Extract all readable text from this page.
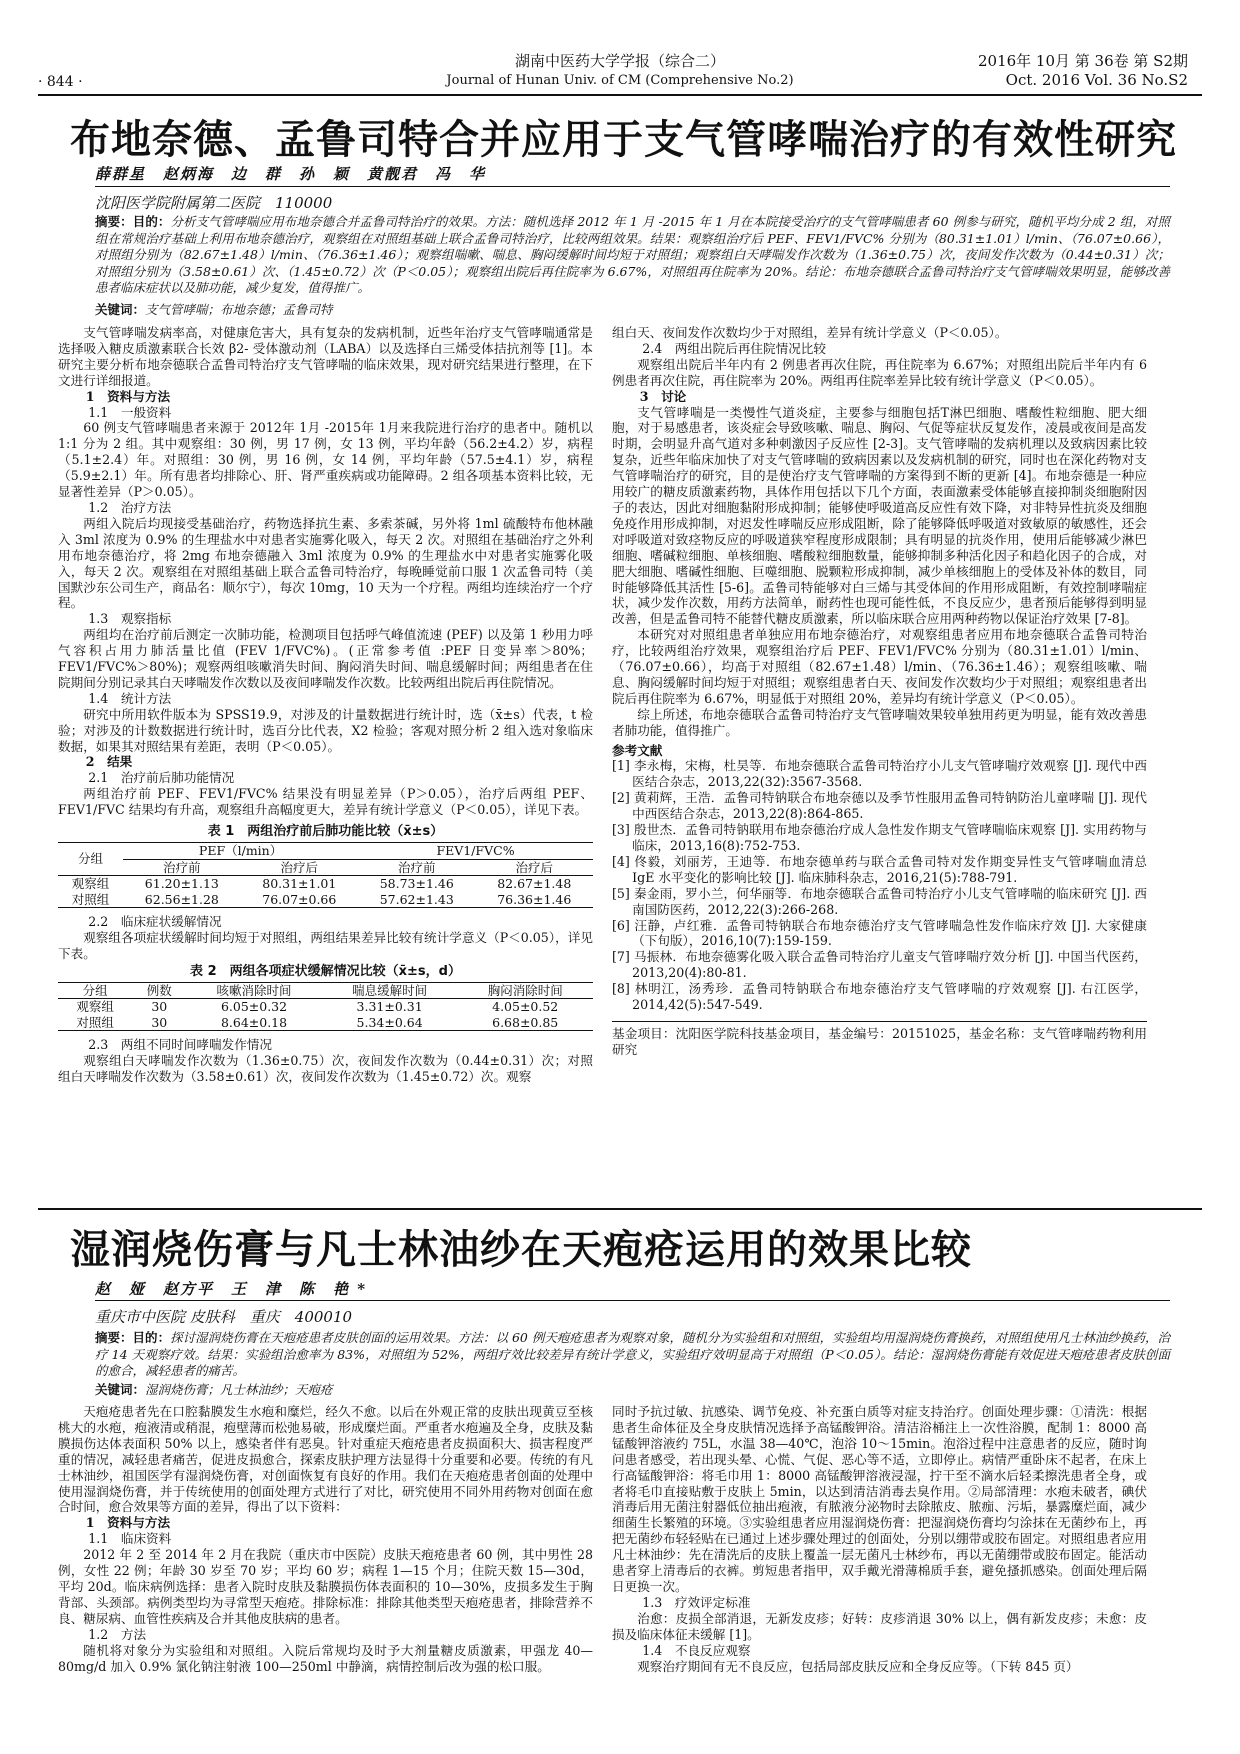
湖南中医药大学学报（综合二）
Journal of Hunan Univ. of CM (Comprehensive No.2)
2016年 10月 第 36卷 第 S2期
Oct. 2016 Vol. 36 No.S2
· 844 ·
布地奈德、孟鲁司特合并应用于支气管哮喘治疗的有效性研究
薛群星　赵炳海　边　群　孙　颖　黄靓君　冯　华
沈阳医学院附属第二医院　110000
摘要：目的：分析支气管哮喘应用布地奈德合并孟鲁司特治疗的效果。方法：随机选择 2012 年 1 月 -2015 年 1 月在本院接受治疗的支气管哮喘患者 60 例参与研究，随机平均分成 2 组，对照组在常规治疗基础上利用布地奈德治疗，观察组在对照组基础上联合孟鲁司特治疗，比较两组效果。结果：观察组治疗后 PEF、FEV1/FVC% 分别为（80.31±1.01）l/min、（76.07±0.66），对照组分别为（82.67±1.48）l/min、（76.36±1.46）；观察组喘嗽、喘息、胸闷缓解时间均短于对照组；观察组白天哮喘发作次数为（1.36±0.75）次，夜间发作次数为（0.44±0.31）次；对照组分别为（3.58±0.61）次、（1.45±0.72）次（P＜0.05）；观察组出院后再住院率为 6.67%，对照组再住院率为 20%。结论：布地奈德联合孟鲁司特治疗支气管哮喘效果明显，能够改善患者临床症状以及肺功能，减少复发，值得推广。
关键词：支气管哮喘；布地奈德；孟鲁司特

支气管哮喘发病率高，对健康危害大，具有复杂的发病机制，近些年治疗支气管哮喘通常是选择吸入糖皮质激素联合长效 β2- 受体激动剂（LABA）以及选择白三烯受体拮抗剂等 [1]。本研究主要分析布地奈德联合孟鲁司特治疗支气管哮喘的临床效果，现对研究结果进行整理，在下文进行详细报道。

1　资料与方法

1.1　一般资料

60 例支气管哮喘患者来源于 2012年 1月 -2015年 1月来我院进行治疗的患者中。随机以 1:1 分为 2 组。其中观察组：30 例，男 17 例，女 13 例，平均年龄（56.2±4.2）岁，病程（5.1±2.4）年。对照组：30 例，男 16 例，女 14 例，平均年龄（57.5±4.1）岁，病程（5.9±2.1）年。所有患者均排除心、肝、肾严重疾病或功能障碍。2 组各项基本资料比较，无显著性差异（P＞0.05）。

1.2　治疗方法

两组入院后均现接受基础治疗，药物选择抗生素、多索茶碱，另外将 1ml 硫酸特布他林融入 3ml 浓度为 0.9% 的生理盐水中对患者实施雾化吸入，每天 2 次。对照组在基础治疗之外利用布地奈德治疗，将 2mg 布地奈德融入 3ml 浓度为 0.9% 的生理盐水中对患者实施雾化吸入，每天 2 次。观察组在对照组基础上联合孟鲁司特治疗，每晚睡觉前口服 1 次孟鲁司特（美国默沙东公司生产，商品名：顺尔宁），每次 10mg，10 天为一个疗程。两组均连续治疗一个疗程。

1.3　观察指标

两组均在治疗前后测定一次肺功能，检测项目包括呼气峰值流速 (PEF) 以及第 1 秒用力呼气容积占用力肺活量比值 (FEV 1/FVC%)。(正常参考值 :PEF 日变异率＞80%；FEV1/FVC%＞80%)；观察两组咳嗽消失时间、胸闷消失时间、喘息缓解时间；两组患者在住院期间分别记录其白天哮喘发作次数以及夜间哮喘发作次数。比较两组出院后再住院情况。

1.4　统计方法

研究中所用软件版本为 SPSS19.9，对涉及的计量数据进行统计时，选（x̄±s）代表，t 检验；对涉及的计数数据进行统计时，选百分比代表，X2 检验；客观对照分析 2 组入选对象临床数据，如果其对照结果有差距，表明（P＜0.05）。

2　结果

2.1　治疗前后肺功能情况

两组治疗前 PEF、FEV1/FVC% 结果没有明显差异（P＞0.05），治疗后两组 PEF、FEV1/FVC 结果均有升高，观察组升高幅度更大，差异有统计学意义（P＜0.05），详见下表。

表 1　两组治疗前后肺功能比较（x̄±s）
分组	PEF（l/min）		FEV1/FVC%	
	治疗前	治疗后	治疗前	治疗后
观察组	61.20±1.13	80.31±1.01	58.73±1.46	82.67±1.48
对照组	62.56±1.28	76.07±0.66	57.62±1.43	76.36±1.46

2.2　临床症状缓解情况

观察组各项症状缓解时间均短于对照组，两组结果差异比较有统计学意义（P＜0.05），详见下表。

表 2　两组各项症状缓解情况比较（x̄±s，d）
分组	例数	咳嗽消除时间	喘息缓解时间	胸闷消除时间
观察组	30	6.05±0.32	3.31±0.31	4.05±0.52
对照组	30	8.64±0.18	5.34±0.64	6.68±0.85

2.3　两组不同时间哮喘发作情况

观察组白天哮喘发作次数为（1.36±0.75）次，夜间发作次数为（0.44±0.31）次；对照组白天哮喘发作次数为（3.58±0.61）次，夜间发作次数为（1.45±0.72）次。观察

组白天、夜间发作次数均少于对照组，差异有统计学意义（P＜0.05）。

2.4　两组出院后再住院情况比较

观察组出院后半年内有 2 例患者再次住院，再住院率为 6.67%；对照组出院后半年内有 6 例患者再次住院，再住院率为 20%。两组再住院率差异比较有统计学意义（P＜0.05）。

3　讨论

支气管哮喘是一类慢性气道炎症，主要参与细胞包括T淋巴细胞、嗜酸性粒细胞、肥大细胞，对于易感患者，该炎症会导致咳嗽、喘息、胸闷、气促等症状反复发作，凌晨或夜间是高发时期，会明显升高气道对多种刺激因子反应性 [2-3]。支气管哮喘的发病机理以及致病因素比较复杂，近些年临床加快了对支气管哮喘的致病因素以及发病机制的研究，同时也在深化药物对支气管哮喘治疗的研究，目的是使治疗支气管哮喘的方案得到不断的更新 [4]。布地奈德是一种应用较广的糖皮质激素药物，具体作用包括以下几个方面，表面激素受体能够直接抑制炎细胞附因子的表达，因此对细胞黏附形成抑制；能够使呼吸道高反应性有效下降，对非特异性抗炎及细胞免疫作用形成抑制，对迟发性哮喘反应形成阻断，除了能够降低呼吸道对致敏原的敏感性，还会对呼吸道对致痉物反应的呼吸道狭窄程度形成限制；具有明显的抗炎作用，使用后能够减少淋巴细胞、嗜碱粒细胞、单核细胞、嗜酸粒细胞数量，能够抑制多种活化因子和趋化因子的合成，对肥大细胞、嗜碱性细胞、巨噬细胞、脱颗粒形成抑制，减少单核细胞上的受体及补体的数目，同时能够降低其活性 [5-6]。孟鲁司特能够对白三烯与其受体间的作用形成阻断，有效控制哮喘症状，减少发作次数，用药方法简单，耐药性也现可能性低，不良反应少，患者预后能够得到明显改善，但是孟鲁司特不能替代糖皮质激素，所以临床联合应用两种药物以保证治疗效果 [7-8]。

本研究对对照组患者单独应用布地奈德治疗，对观察组患者应用布地奈德联合孟鲁司特治疗，比较两组治疗效果，观察组治疗后 PEF、FEV1/FVC% 分别为（80.31±1.01）l/min、（76.07±0.66），均高于对照组（82.67±1.48）l/min、（76.36±1.46）；观察组咳嗽、喘息、胸闷缓解时间均短于对照组；观察组患者白天、夜间发作次数均少于对照组；观察组患者出院后再住院率为 6.67%，明显低于对照组 20%，差异均有统计学意义（P＜0.05）。

综上所述，布地奈德联合孟鲁司特治疗支气管哮喘效果较单独用药更为明显，能有效改善患者肺功能，值得推广。

参考文献
[1] 李永梅，宋梅，杜昊等．布地奈德联合孟鲁司特治疗小儿支气管哮喘疗效观察 [J]. 现代中西医结合杂志，2013,22(32):3567-3568.
[2] 黄莉辉，王浩．孟鲁司特钠联合布地奈德以及季节性服用孟鲁司特钠防治儿童哮喘 [J]. 现代中西医结合杂志，2013,22(8):864-865.
[3] 殷世杰．孟鲁司特钠联用布地奈德治疗成人急性发作期支气管哮喘临床观察 [J]. 实用药物与临床，2013,16(8):752-753.
[4] 佟毅，刘丽芳，王迪等．布地奈德单药与联合孟鲁司特对发作期变异性支气管哮喘血清总 IgE 水平变化的影响比较 [J]. 临床肺科杂志，2016,21(5):788-791.
[5] 秦金雨，罗小兰，何华丽等．布地奈德联合孟鲁司特治疗小儿支气管哮喘的临床研究 [J]. 西南国防医药，2012,22(3):266-268.
[6] 汪静，卢红雅．孟鲁司特钠联合布地奈德治疗支气管哮喘急性发作临床疗效 [J]. 大家健康（下旬版），2016,10(7):159-159.
[7] 马振林．布地奈德雾化吸入联合孟鲁司特治疗儿童支气管哮喘疗效分析 [J]. 中国当代医药，2013,20(4):80-81.
[8] 林明江，汤秀珍．孟鲁司特钠联合布地奈德治疗支气管哮喘的疗效观察 [J]. 右江医学，2014,42(5):547-549.
基金项目：沈阳医学院科技基金项目，基金编号：20151025，基金名称：支气管哮喘药物利用研究
湿润烧伤膏与凡士林油纱在天疱疮运用的效果比较
赵　娅　赵方平　王　津　陈　艳 *
重庆市中医院 皮肤科　重庆　400010
摘要：目的：探讨湿润烧伤膏在天疱疮患者皮肤创面的运用效果。方法：以 60 例天疱疮患者为观察对象，随机分为实验组和对照组，实验组均用湿润烧伤膏换药，对照组使用凡士林油纱换药，治疗 14 天观察疗效。结果：实验组治愈率为 83%，对照组为 52%，两组疗效比较差异有统计学意义，实验组疗效明显高于对照组（P＜0.05）。结论：湿润烧伤膏能有效促进天疱疮患者皮肤创面的愈合，减轻患者的痛苦。
关键词：湿润烧伤膏；凡士林油纱；天疱疮

天疱疮患者先在口腔黏膜发生水疱和糜烂，经久不愈。以后在外观正常的皮肤出现黄豆至核桃大的水疱，疱液清或稍混，疱壁薄而松弛易破，形成糜烂面。严重者水疱遍及全身，皮肤及黏膜损伤达体表面积 50% 以上，感染者伴有恶臭。针对重症天疱疮患者皮损面积大、损害程度严重的情况，减轻患者痛苦，促进皮损愈合，探索皮肤护理方法显得十分重要和必要。传统的有凡士林油纱，祖国医学有湿润烧伤膏，对创面恢复有良好的作用。我们在天疱疮患者创面的处理中使用湿润烧伤膏，并于传统使用的创面处理方式进行了对比，研究使用不同外用药物对创面在愈合时间，愈合效果等方面的差异，得出了以下资料：

1　资料与方法

1.1　临床资料

2012 年 2 至 2014 年 2 月在我院（重庆市中医院）皮肤天疱疮患者 60 例，其中男性 28 例，女性 22 例；年龄 30 岁至 70 岁；平均 60 岁；病程 1—15 个月；住院天数 15—30d，平均 20d。临床病例选择：患者入院时皮肤及黏膜损伤体表面积的 10—30%，皮损多发生于胸背部、头颈部。病例类型均为寻常型天疱疮。排除标准：排除其他类型天疱疮患者，排除营养不良、糖尿病、血管性疾病及合并其他皮肤病的患者。

1.2　方法

随机将对象分为实验组和对照组。入院后常规均及时予大剂量糖皮质激素，甲强龙 40—80mg/d 加入 0.9% 氯化钠注射液 100—250ml 中静滴，病情控制后改为强的松口服。

同时予抗过敏、抗感染、调节免疫、补充蛋白质等对症支持治疗。创面处理步骤：①清洗：根据患者生命体征及全身皮肤情况选择予高锰酸钾浴。清洁浴桶注上一次性浴膜，配制 1：8000 高锰酸钾溶液约 75L，水温 38—40℃，泡浴 10～15min。泡浴过程中注意患者的反应，随时询问患者感受，若出现头晕、心慌、气促、恶心等不适，立即停止。病情严重卧床不起者，在床上行高锰酸钾浴：将毛巾用 1：8000 高锰酸钾溶液浸湿，拧干至不滴水后轻柔擦洗患者全身，或者将毛巾直接贴敷于皮肤上 5min，以达到清洁消毒去臭作用。②局部清理：水疱未破者，碘伏消毒后用无菌注射器低位抽出疱液，有脓液分泌物时去除脓皮、脓痂、污垢，暴露糜烂面，减少细菌生长繁殖的环境。③实验组患者应用湿润烧伤膏：把湿润烧伤膏均匀涂抹在无菌纱布上，再把无菌纱布轻轻贴在已通过上述步骤处理过的创面处，分别以绷带或胶布固定。对照组患者应用凡士林油纱：先在清洗后的皮肤上覆盖一层无菌凡士林纱布，再以无菌绷带或胶布固定。能活动患者穿上清毒后的衣裤。剪短患者指甲，双手戴光滑薄棉质手套，避免搔抓感染。创面处理后隔日更换一次。

1.3　疗效评定标准

治愈：皮损全部消退，无新发皮疹；好转：皮疹消退 30% 以上，偶有新发皮疹；未愈：皮损及临床体征未缓解 [1]。

1.4　不良反应观察

观察治疗期间有无不良反应，包括局部皮肤反应和全身反应等。（下转 845 页）
